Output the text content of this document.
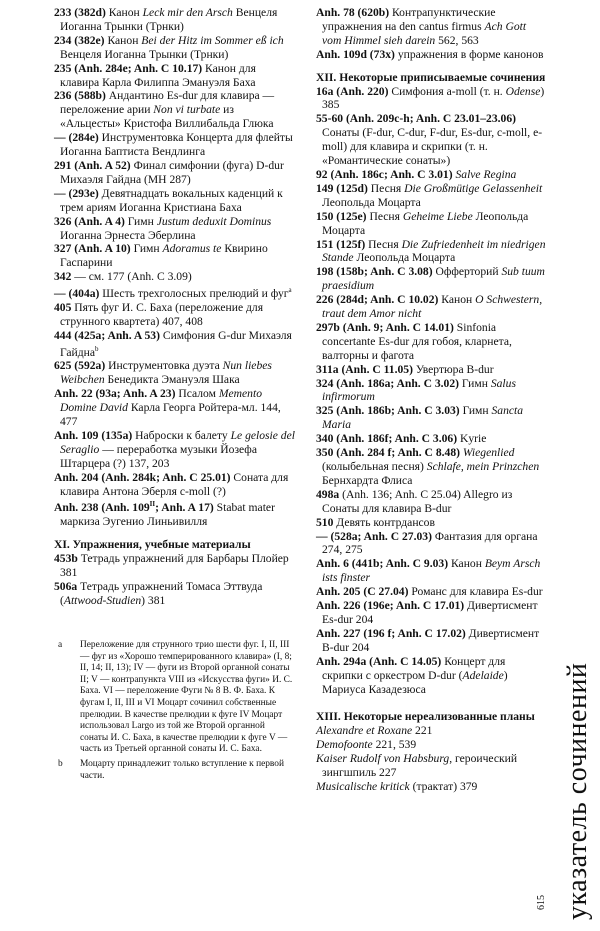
233 (382d) Канон Leck mir den Arsch Венцеля Иоганна Трынки (Трнки)
234 (382e) Канон Bei der Hitz im Sommer eß ich Венцеля Иоганна Трынки (Трнки)
235 (Anh. 284e; Anh. C 10.17) Канон для клавира Карла Филиппа Эмануэля Баха
236 (588b) Андантино Es-dur для клавира — переложение арии Non vi turbate из «Альцесты» Кристофа Виллибальда Глюка
— (284e) Инструментовка Концерта для флейты Иоганна Баптиста Вендлинга
291 (Anh. A 52) Финал симфонии (фуга) D-dur Михаэля Гайдна (МН 287)
— (293e) Девятнадцать вокальных каденций к трем ариям Иоганна Кристиана Баха
326 (Anh. A 4) Гимн Justum deduxit Dominus Иоганна Эрнеста Эберлина
327 (Anh. A 10) Гимн Adoramus te Квирино Гаспарини
342 — см. 177 (Anh. C 3.09)
— (404a) Шесть трехголосных прелюдий и фуг$^a$
405 Пять фуг И. С. Баха (переложение для струнного квартета) 407, 408
444 (425a; Anh. A 53) Симфония G-dur Михаэля Гайдна$^b$
625 (592a) Инструментовка дуэта Nun liebes Weibchen Бенедикта Эмануэля Шака
Anh. 22 (93a; Anh. A 23) Псалом Memento Domine David Карла Георга Ройтера-мл. 144, 477
Anh. 109 (135a) Наброски к балету Le gelosie del Seraglio — переработка музыки Йозефа Штарцера (?) 137, 203
Anh. 204 (Anh. 284k; Anh. C 25.01) Соната для клавира Антона Эберля c-moll (?)
Anh. 238 (Anh. $109^{II}$; Anh. A 17) Stabat mater маркиза Эугенио Линьивилля
XI. Упражнения, учебные материалы
453b Тетрадь упражнений для Барбары Плойер 381
506a Тетрадь упражнений Томаса Эттвуда (Attwood-Studien) 381
a	Переложение для струнного трио шести фуг. I, II, III — фуг из «Хорошо темперированного клавира» (I, 8; II, 14; II, 13); IV — фуги из Второй органной сонаты II; V — контрапункта VIII из «Искусства фуги» И. С. Баха. VI — переложение Фуги № 8 В. Ф. Баха. К фугам I, II, III и VI Моцарт сочинил собственные прелюдии. В качестве прелюдии к фуге IV Моцарт использовал Largo из той же Второй органной сонаты И. С. Баха, в качестве прелюдии к фуге V — часть из Третьей органной сонаты И. С. Баха.
b	Моцарту принадлежит только вступление к первой части.
Anh. 78 (620b) Контрапунктические упражнения на den cantus firmus Ach Gott vom Himmel sieh darein 562, 563
Anh. 109d (73x) упражнения в форме канонов
XII. Некоторые приписываемые сочинения
16a (Anh. 220) Симфония a-moll (т. н. Odense) 385
55-60 (Anh. 209c-h; Anh. C 23.01–23.06) Сонаты (F-dur, C-dur, F-dur, Es-dur, c-moll, e-moll) для клавира и скрипки (т. н. «Романтические сонаты»)
92 (Anh. 186c; Anh. C 3.01) Salve Regina
149 (125d) Песня Die Großmütige Gelassenheit Леопольда Моцарта
150 (125e) Песня Geheime Liebe Леопольда Моцарта
151 (125f) Песня Die Zufriedenheit im niedrigen Stande Леопольда Моцарта
198 (158b; Anh. C 3.08) Офферторий Sub tuum praesidium
226 (284d; Anh. C 10.02) Канон O Schwestern, traut dem Amor nicht
297b (Anh. 9; Anh. C 14.01) Sinfonia concertante Es-dur для гобоя, кларнета, валторны и фагота
311a (Anh. C 11.05) Увертюра B-dur
324 (Anh. 186a; Anh. C 3.02) Гимн Salus infirmorum
325 (Anh. 186b; Anh. C 3.03) Гимн Sancta Maria
340 (Anh. 186f; Anh. C 3.06) Kyrie
350 (Anh. 284 f; Anh. C 8.48) Wiegenlied (колыбельная песня) Schlafe, mein Prinzchen Бернхардта Флиса
498a (Anh. 136; Anh. C 25.04) Allegro из Сонаты для клавира B-dur
510 Девять контрдансов
— (528a; Anh. C 27.03) Фантазия для органа 274, 275
Anh. 6 (441b; Anh. C 9.03) Канон Beym Arsch ists finster
Anh. 205 (C 27.04) Романс для клавира Es-dur
Anh. 226 (196e; Anh. C 17.01) Дивертисмент Es-dur 204
Anh. 227 (196 f; Anh. C 17.02) Дивертисмент B-dur 204
Anh. 294a (Anh. C 14.05) Концерт для скрипки с оркестром D-dur (Adelaide) Мариуса Казадезюса
XIII. Некоторые нереализованные планы
Alexandre et Roxane 221
Demofoonte 221, 539
Kaiser Rudolf von Habsburg, героический зингшпиль 227
Musicalische kritick (трактат) 379	указатель сочинений
615
